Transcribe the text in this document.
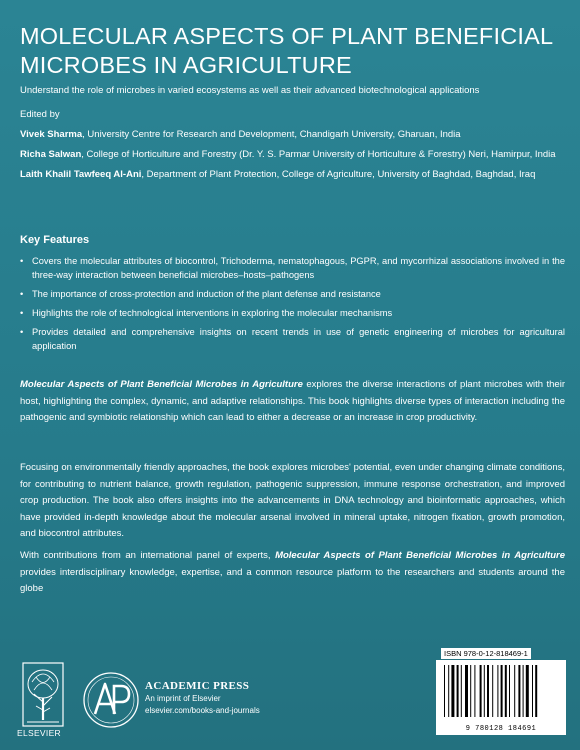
MOLECULAR ASPECTS OF PLANT BENEFICIAL MICROBES IN AGRICULTURE
Understand the role of microbes in varied ecosystems as well as their advanced biotechnological applications
Edited by
Vivek Sharma, University Centre for Research and Development, Chandigarh University, Gharuan, India
Richa Salwan, College of Horticulture and Forestry (Dr. Y. S. Parmar University of Horticulture & Forestry) Neri, Hamirpur, India
Laith Khalil Tawfeeq Al-Ani, Department of Plant Protection, College of Agriculture, University of Baghdad, Baghdad, Iraq
Key Features
• Covers the molecular attributes of biocontrol, Trichoderma, nematophagous, PGPR, and mycorrhizal associations involved in the three-way interaction between beneficial microbes–hosts–pathogens
• The importance of cross-protection and induction of the plant defense and resistance
• Highlights the role of technological interventions in exploring the molecular mechanisms
• Provides detailed and comprehensive insights on recent trends in use of genetic engineering of microbes for agricultural application

Molecular Aspects of Plant Beneficial Microbes in Agriculture explores the diverse interactions of plant microbes with their host, highlighting the complex, dynamic, and adaptive relationships. This book highlights diverse types of interaction including the pathogenic and symbiotic relationship which can lead to either a decrease or an increase in crop productivity.

Focusing on environmentally friendly approaches, the book explores microbes' potential, even under changing climate conditions, for contributing to nutrient balance, growth regulation, pathogenic suppression, immune response orchestration, and improved crop production. The book also offers insights into the advancements in DNA technology and bioinformatic approaches, which have provided in-depth knowledge about the molecular arsenal involved in mineral uptake, nitrogen fixation, growth promotion, and biocontrol attributes.

With contributions from an international panel of experts, Molecular Aspects of Plant Beneficial Microbes in Agriculture provides interdisciplinary knowledge, expertise, and a common resource platform to the researchers and students around the globe

ELSEVIER
ACADEMIC PRESS
An imprint of Elsevier
elsevier.com/books-and-journals
ISBN 978-0-12-818469-1
9 780128 184691
